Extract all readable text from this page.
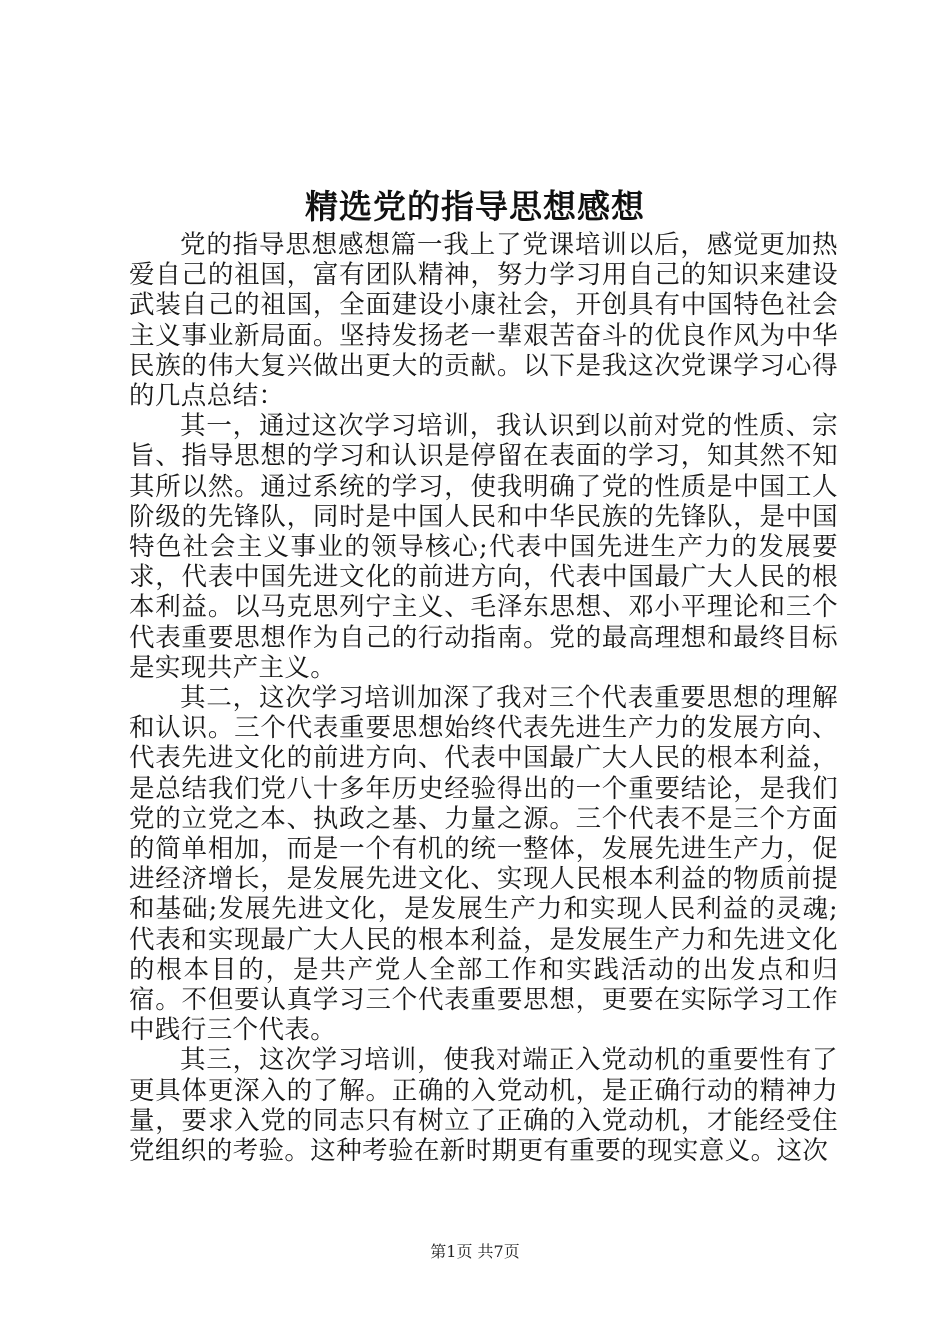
精选党的指导思想感想

党的指导思想感想篇一我上了党课培训以后，感觉更加热爱自己的祖国，富有团队精神，努力学习用自己的知识来建设武装自己的祖国，全面建设小康社会，开创具有中国特色社会主义事业新局面。坚持发扬老一辈艰苦奋斗的优良作风为中华民族的伟大复兴做出更大的贡献。以下是我这次党课学习心得的几点总结：

其一，通过这次学习培训，我认识到以前对党的性质、宗旨、指导思想的学习和认识是停留在表面的学习，知其然不知其所以然。通过系统的学习，使我明确了党的性质是中国工人阶级的先锋队，同时是中国人民和中华民族的先锋队，是中国特色社会主义事业的领导核心;代表中国先进生产力的发展要求，代表中国先进文化的前进方向，代表中国最广大人民的根本利益。以马克思列宁主义、毛泽东思想、邓小平理论和三个代表重要思想作为自己的行动指南。党的最高理想和最终目标是实现共产主义。

其二，这次学习培训加深了我对三个代表重要思想的理解和认识。三个代表重要思想始终代表先进生产力的发展方向、代表先进文化的前进方向、代表中国最广大人民的根本利益，是总结我们党八十多年历史经验得出的一个重要结论，是我们党的立党之本、执政之基、力量之源。三个代表不是三个方面的简单相加，而是一个有机的统一整体，发展先进生产力，促进经济增长，是发展先进文化、实现人民根本利益的物质前提和基础;发展先进文化，是发展生产力和实现人民利益的灵魂;代表和实现最广大人民的根本利益，是发展生产力和先进文化的根本目的，是共产党人全部工作和实践活动的出发点和归宿。不但要认真学习三个代表重要思想，更要在实际学习工作中践行三个代表。

其三，这次学习培训，使我对端正入党动机的重要性有了更具体更深入的了解。正确的入党动机，是正确行动的精神力量，要求入党的同志只有树立了正确的入党动机，才能经受住党组织的考验。这种考验在新时期更有重要的现实意义。这次

第1页 共7页
